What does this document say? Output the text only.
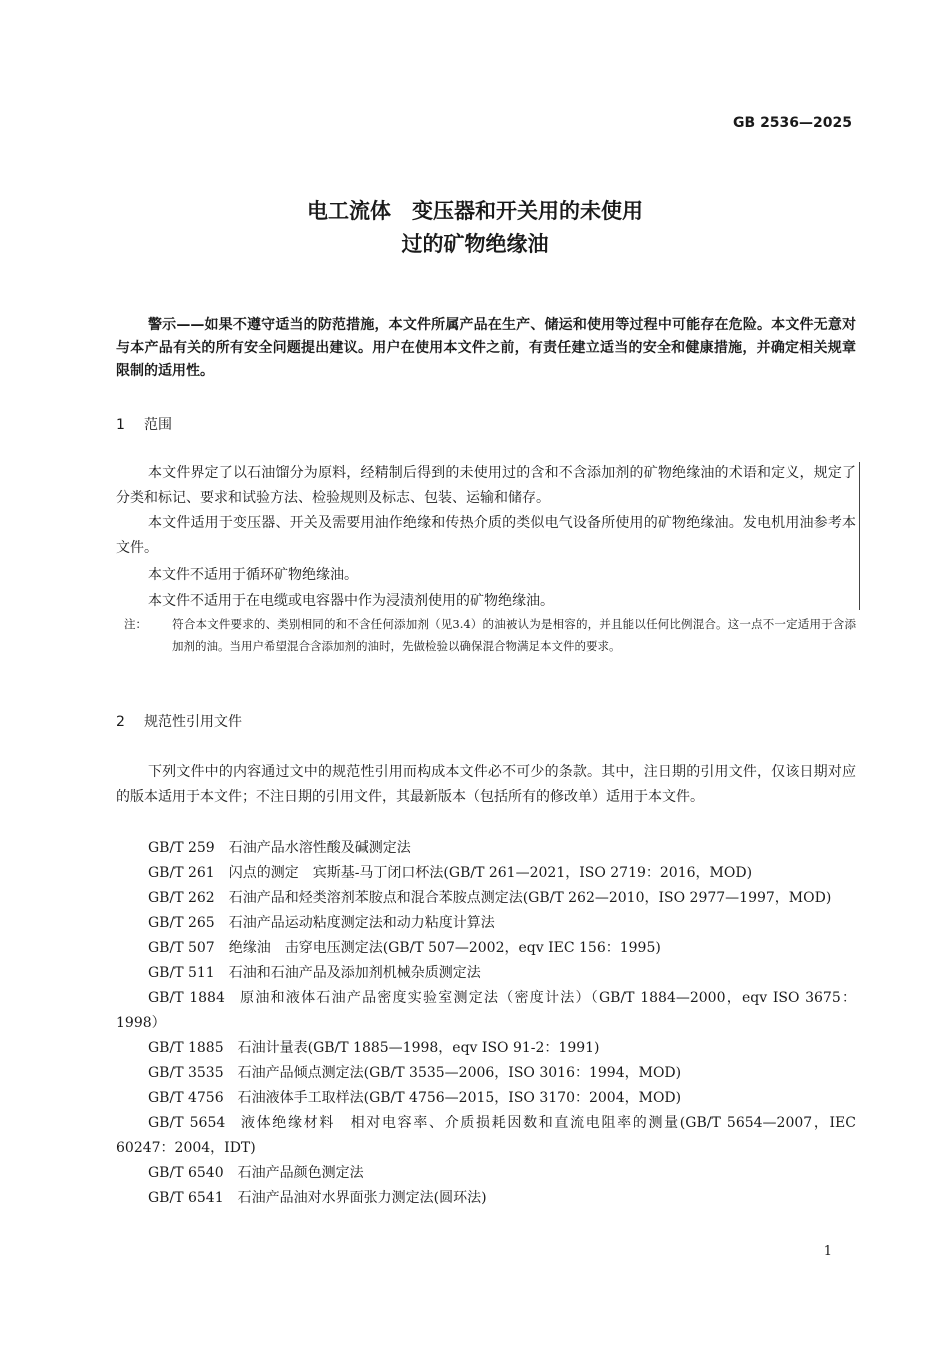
GB 2536—2025
电工流体　变压器和开关用的未使用
过的矿物绝缘油
警示——如果不遵守适当的防范措施，本文件所属产品在生产、储运和使用等过程中可能存在危险。本文件无意对与本产品有关的所有安全问题提出建议。用户在使用本文件之前，有责任建立适当的安全和健康措施，并确定相关规章限制的适用性。
1 范围
本文件界定了以石油馏分为原料，经精制后得到的未使用过的含和不含添加剂的矿物绝缘油的术语和定义，规定了分类和标记、要求和试验方法、检验规则及标志、包装、运输和储存。
本文件适用于变压器、开关及需要用油作绝缘和传热介质的类似电气设备所使用的矿物绝缘油。发电机用油参考本文件。
本文件不适用于循环矿物绝缘油。
本文件不适用于在电缆或电容器中作为浸渍剂使用的矿物绝缘油。
注： 符合本文件要求的、类别相同的和不含任何添加剂（见3.4）的油被认为是相容的，并且能以任何比例混合。这一点不一定适用于含添加剂的油。当用户希望混合含添加剂的油时，先做检验以确保混合物满足本文件的要求。
2 规范性引用文件
下列文件中的内容通过文中的规范性引用而构成本文件必不可少的条款。其中，注日期的引用文件，仅该日期对应的版本适用于本文件；不注日期的引用文件，其最新版本（包括所有的修改单）适用于本文件。
GB/T 259 石油产品水溶性酸及碱测定法
GB/T 261 闪点的测定　宾斯基-马丁闭口杯法(GB/T 261—2021，ISO 2719：2016，MOD)
GB/T 262 石油产品和烃类溶剂苯胺点和混合苯胺点测定法(GB/T 262—2010，ISO 2977—1997，MOD)
GB/T 265 石油产品运动粘度测定法和动力粘度计算法
GB/T 507 绝缘油　击穿电压测定法(GB/T 507—2002，eqv IEC 156：1995)
GB/T 511 石油和石油产品及添加剂机械杂质测定法
GB/T 1884 原油和液体石油产品密度实验室测定法（密度计法）（GB/T 1884—2000，eqv ISO 3675：1998）
GB/T 1885 石油计量表(GB/T 1885—1998，eqv ISO 91-2：1991)
GB/T 3535 石油产品倾点测定法(GB/T 3535—2006，ISO 3016：1994，MOD)
GB/T 4756 石油液体手工取样法(GB/T 4756—2015，ISO 3170：2004，MOD)
GB/T 5654 液体绝缘材料　相对电容率、介质损耗因数和直流电阻率的测量(GB/T 5654—2007，IEC 60247：2004，IDT)
GB/T 6540 石油产品颜色测定法
GB/T 6541 石油产品油对水界面张力测定法(圆环法)
1
